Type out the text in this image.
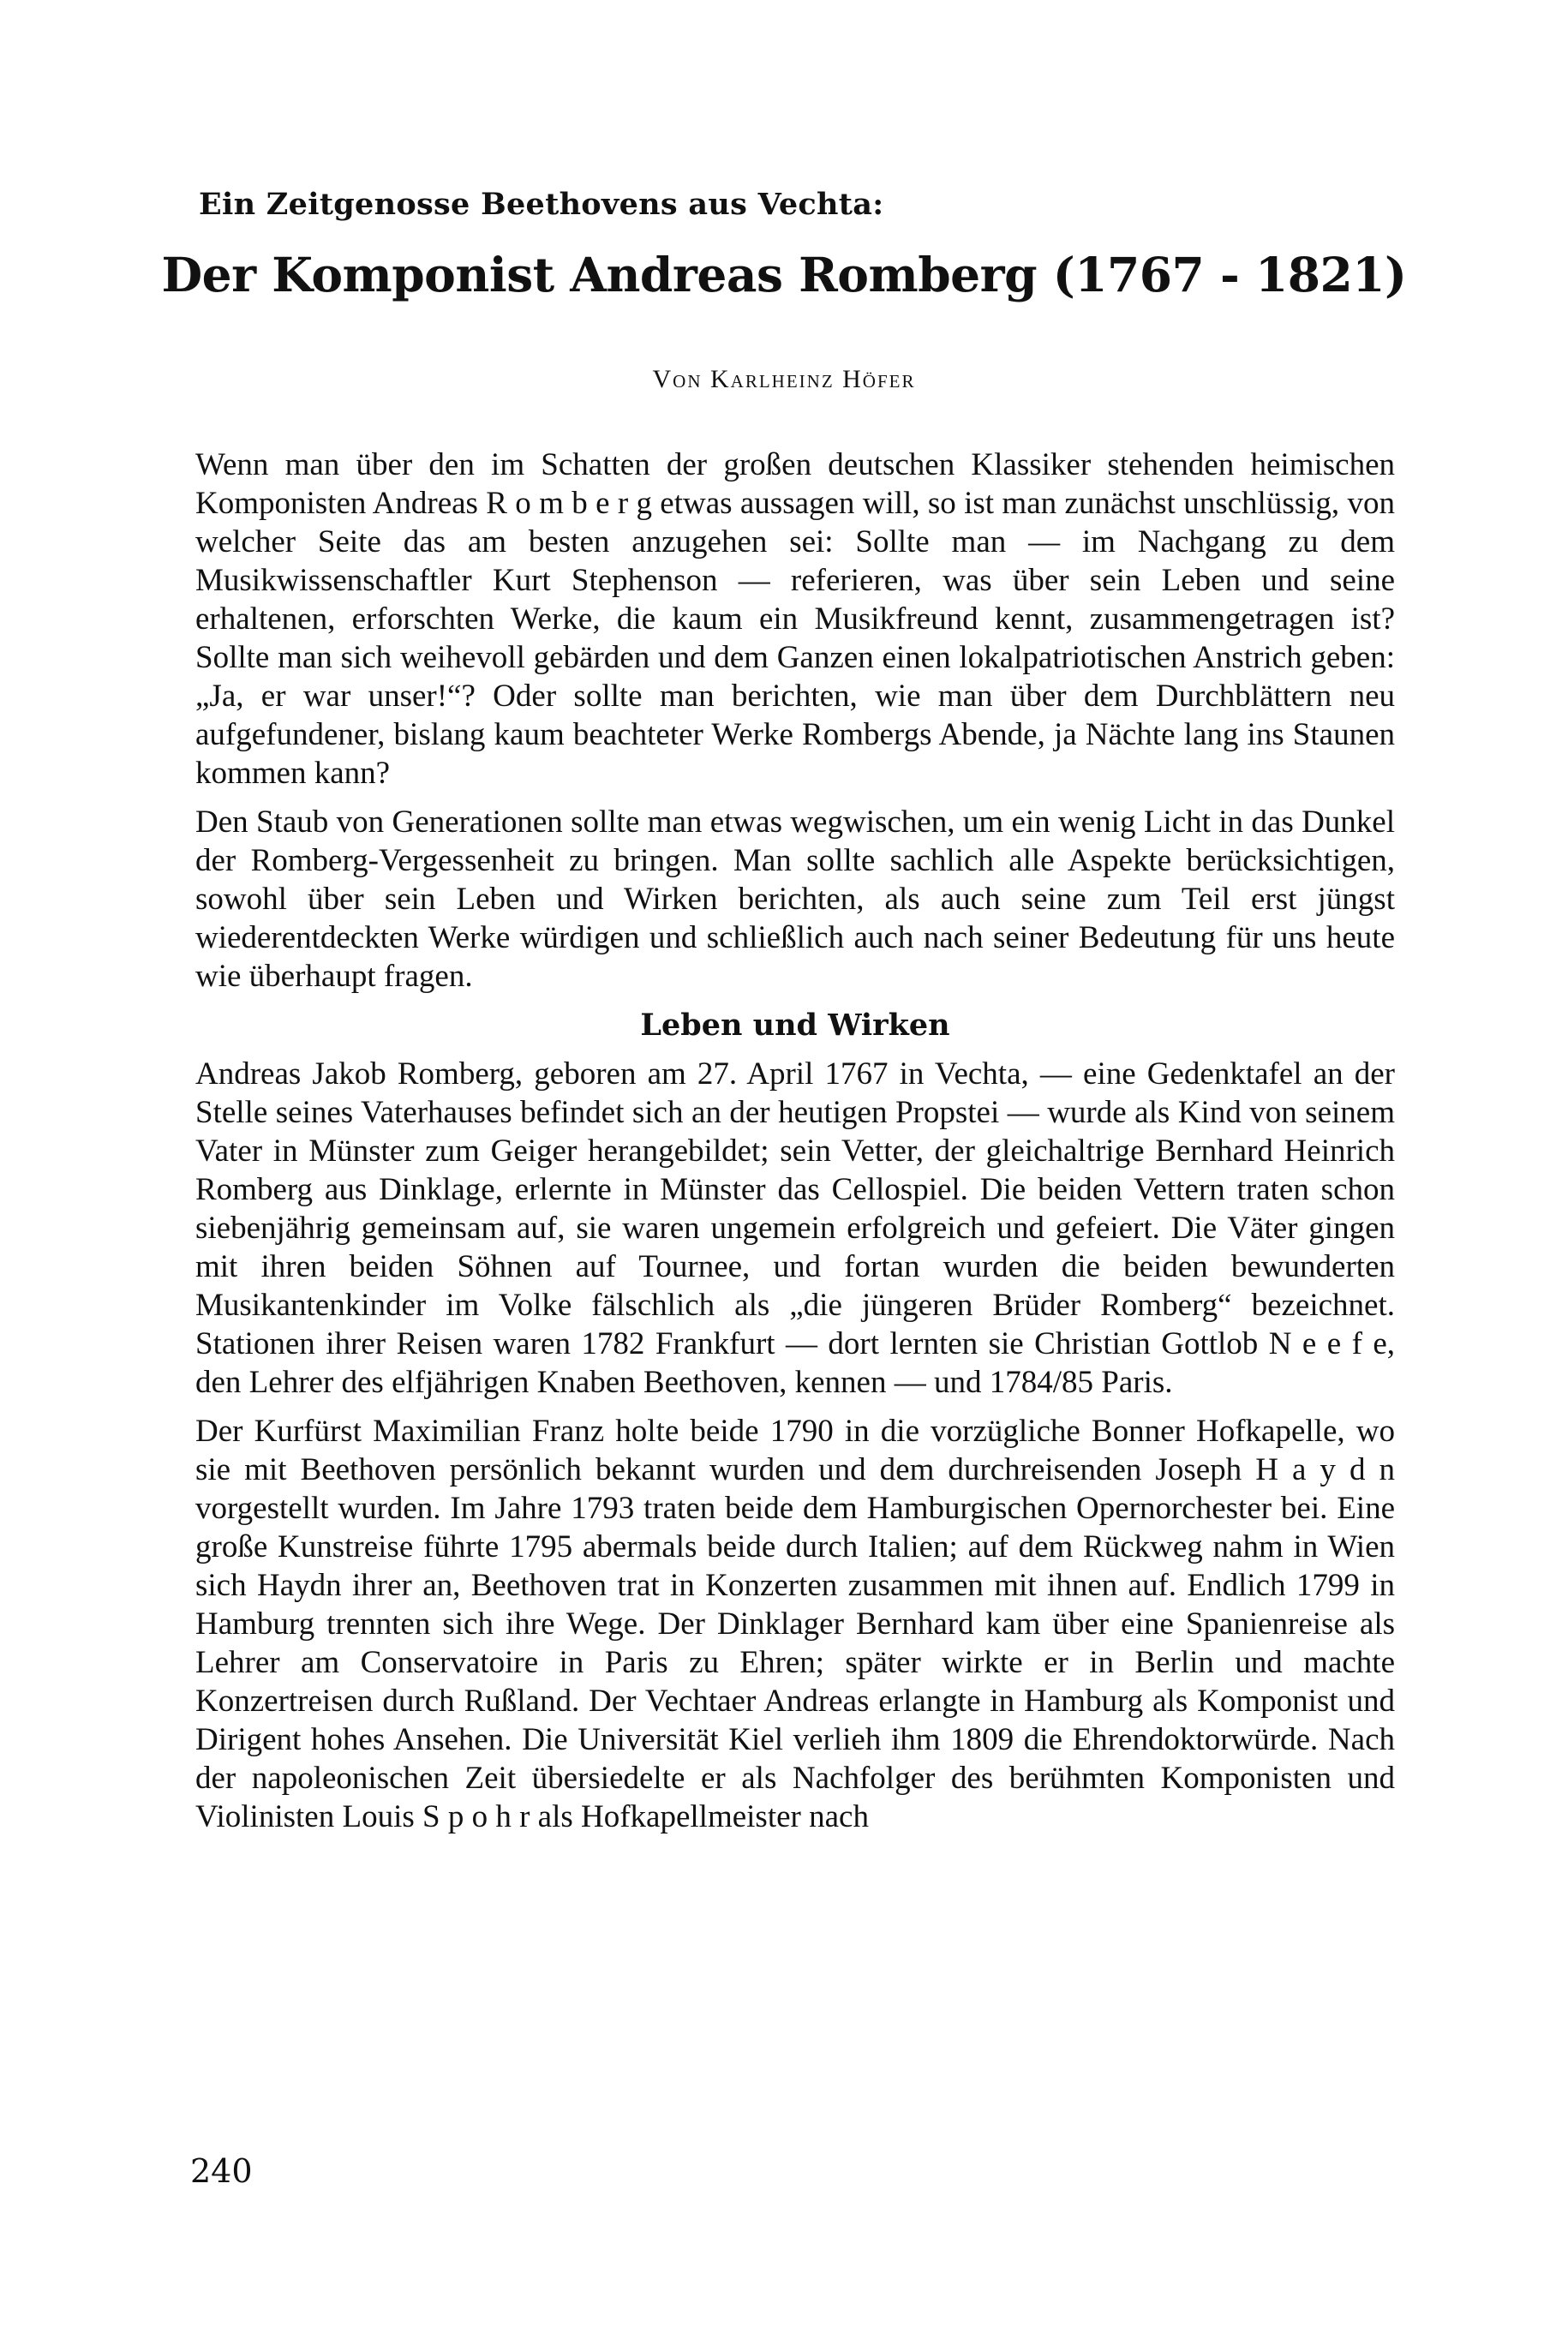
Ein Zeitgenosse Beethovens aus Vechta:
Der Komponist Andreas Romberg (1767 - 1821)
Von Karlheinz Höfer

Wenn man über den im Schatten der großen deutschen Klassiker stehenden heimischen Komponisten Andreas R o m b e r g etwas aussagen will, so ist man zunächst unschlüssig, von welcher Seite das am besten anzugehen sei: Sollte man — im Nachgang zu dem Musikwissenschaftler Kurt Stephenson — referieren, was über sein Leben und seine erhaltenen, erforschten Werke, die kaum ein Musikfreund kennt, zusammengetragen ist? Sollte man sich weihevoll gebärden und dem Ganzen einen lokalpatriotischen Anstrich geben: „Ja, er war unser!“? Oder sollte man berichten, wie man über dem Durchblättern neu aufgefundener, bislang kaum beachteter Werke Rombergs Abende, ja Nächte lang ins Staunen kommen kann?

Den Staub von Generationen sollte man etwas wegwischen, um ein wenig Licht in das Dunkel der Romberg-Vergessenheit zu bringen. Man sollte sachlich alle Aspekte berücksichtigen, sowohl über sein Leben und Wirken berichten, als auch seine zum Teil erst jüngst wiederentdeckten Werke würdigen und schließlich auch nach seiner Bedeutung für uns heute wie überhaupt fragen.

Leben und Wirken

Andreas Jakob Romberg, geboren am 27. April 1767 in Vechta, — eine Gedenktafel an der Stelle seines Vaterhauses befindet sich an der heutigen Propstei — wurde als Kind von seinem Vater in Münster zum Geiger herangebildet; sein Vetter, der gleichaltrige Bernhard Heinrich Romberg aus Dinklage, erlernte in Münster das Cellospiel. Die beiden Vettern traten schon siebenjährig gemeinsam auf, sie waren ungemein erfolgreich und gefeiert. Die Väter gingen mit ihren beiden Söhnen auf Tournee, und fortan wurden die beiden bewunderten Musikantenkinder im Volke fälschlich als „die jüngeren Brüder Romberg“ bezeichnet. Stationen ihrer Reisen waren 1782 Frankfurt — dort lernten sie Christian Gottlob N e e f e, den Lehrer des elfjährigen Knaben Beethoven, kennen — und 1784/85 Paris.

Der Kurfürst Maximilian Franz holte beide 1790 in die vorzügliche Bonner Hofkapelle, wo sie mit Beethoven persönlich bekannt wurden und dem durchreisenden Joseph H a y d n vorgestellt wurden. Im Jahre 1793 traten beide dem Hamburgischen Opernorchester bei. Eine große Kunstreise führte 1795 abermals beide durch Italien; auf dem Rückweg nahm in Wien sich Haydn ihrer an, Beethoven trat in Konzerten zusammen mit ihnen auf. Endlich 1799 in Hamburg trennten sich ihre Wege. Der Dinklager Bernhard kam über eine Spanienreise als Lehrer am Conservatoire in Paris zu Ehren; später wirkte er in Berlin und machte Konzertreisen durch Rußland. Der Vechtaer Andreas erlangte in Hamburg als Komponist und Dirigent hohes Ansehen. Die Universität Kiel verlieh ihm 1809 die Ehrendoktorwürde. Nach der napoleonischen Zeit übersiedelte er als Nachfolger des berühmten Komponisten und Violinisten Louis S p o h r als Hofkapellmeister nach

240
